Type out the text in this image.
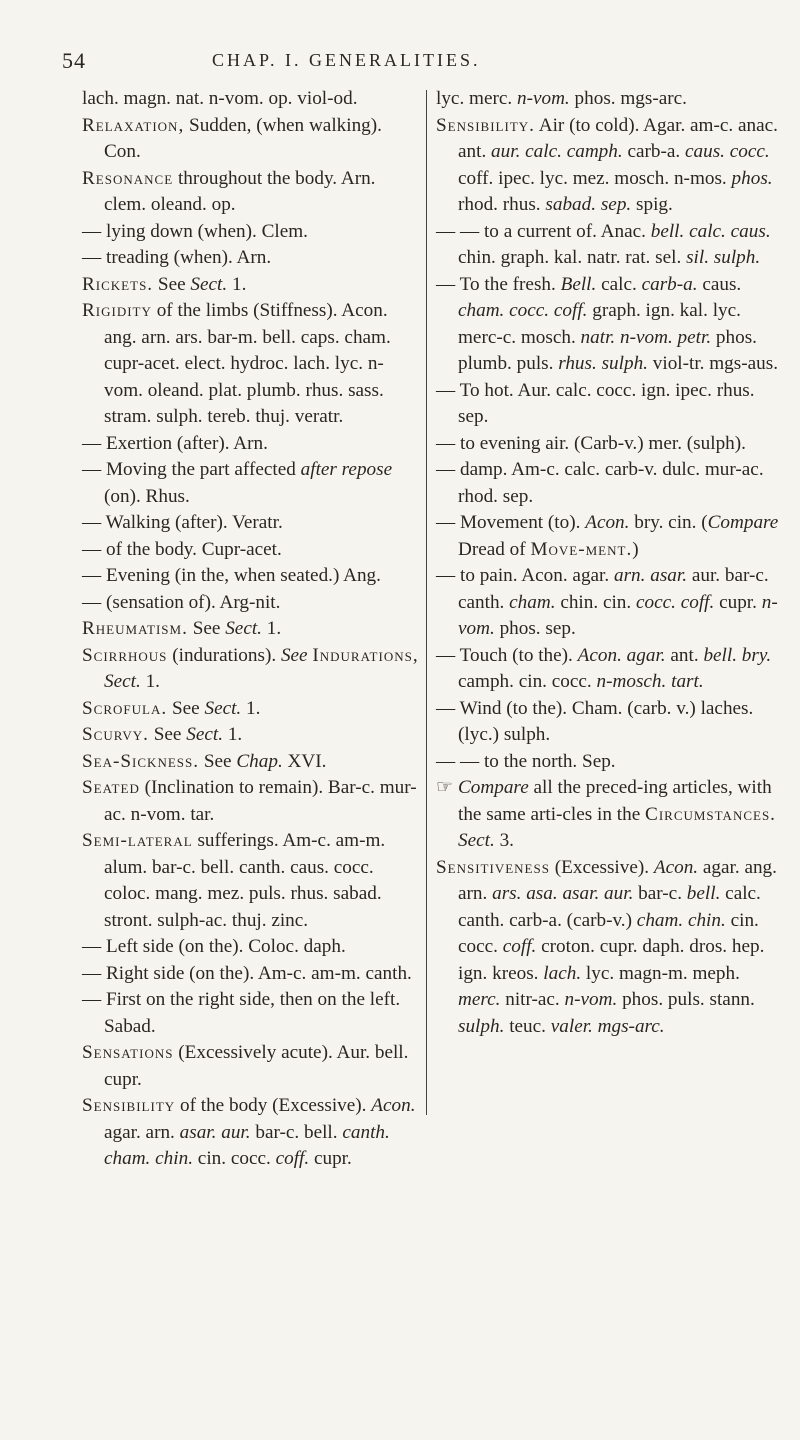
54	CHAP. I. GENERALITIES.

lach. magn. nat. n-vom. op. viol-od.

Relaxation, Sudden, (when walking). Con.

Resonance throughout the body. Arn. clem. oleand. op.

— lying down (when). Clem.

— treading (when). Arn.

Rickets. See Sect. 1.

Rigidity of the limbs (Stiffness). Acon. ang. arn. ars. bar-m. bell. caps. cham. cupr-acet. elect. hydroc. lach. lyc. n-vom. oleand. plat. plumb. rhus. sass. stram. sulph. tereb. thuj. veratr.

— Exertion (after). Arn.

— Moving the part affected after repose (on). Rhus.

— Walking (after). Veratr.

— of the body. Cupr-acet.

— Evening (in the, when seated.) Ang.

— (sensation of). Arg-nit.

Rheumatism. See Sect. 1.

Scirrhous (indurations). See Indurations, Sect. 1.

Scrofula. See Sect. 1.

Scurvy. See Sect. 1.

Sea-Sickness. See Chap. XVI.

Seated (Inclination to remain). Bar-c. mur-ac. n-vom. tar.

Semi-lateral sufferings. Am-c. am-m. alum. bar-c. bell. canth. caus. cocc. coloc. mang. mez. puls. rhus. sabad. stront. sulph-ac. thuj. zinc.

— Left side (on the). Coloc. daph.

— Right side (on the). Am-c. am-m. canth.

— First on the right side, then on the left. Sabad.

Sensations (Excessively acute). Aur. bell. cupr.

Sensibility of the body (Excessive). Acon. agar. arn. asar. aur. bar-c. bell. canth. cham. chin. cin. cocc. coff. cupr.

lyc. merc. n-vom. phos. mgs-arc.

Sensibility. Air (to cold). Agar. am-c. anac. ant. aur. calc. camph. carb-a. caus. cocc. coff. ipec. lyc. mez. mosch. n-mos. phos. rhod. rhus. sabad. sep. spig.

— — to a current of. Anac. bell. calc. caus. chin. graph. kal. natr. rat. sel. sil. sulph.

— To the fresh. Bell. calc. carb-a. caus. cham. cocc. coff. graph. ign. kal. lyc. merc-c. mosch. natr. n-vom. petr. phos. plumb. puls. rhus. sulph. viol-tr. mgs-aus.

— To hot. Aur. calc. cocc. ign. ipec. rhus. sep.

— to evening air. (Carb-v.) mer. (sulph).

— damp. Am-c. calc. carb-v. dulc. mur-ac. rhod. sep.

— Movement (to). Acon. bry. cin. (Compare Dread of Move-ment.)

— to pain. Acon. agar. arn. asar. aur. bar-c. canth. cham. chin. cin. cocc. coff. cupr. n-vom. phos. sep.

— Touch (to the). Acon. agar. ant. bell. bry. camph. cin. cocc. n-mosch. tart.

— Wind (to the). Cham. (carb. v.) laches. (lyc.) sulph.

— — to the north. Sep.

☞ Compare all the preced-ing articles, with the same arti-cles in the Circumstances. Sect. 3.

Sensitiveness (Excessive). Acon. agar. ang. arn. ars. asa. asar. aur. bar-c. bell. calc. canth. carb-a. (carb-v.) cham. chin. cin. cocc. coff. croton. cupr. daph. dros. hep. ign. kreos. lach. lyc. magn-m. meph. merc. nitr-ac. n-vom. phos. puls. stann. sulph. teuc. valer. mgs-arc.
